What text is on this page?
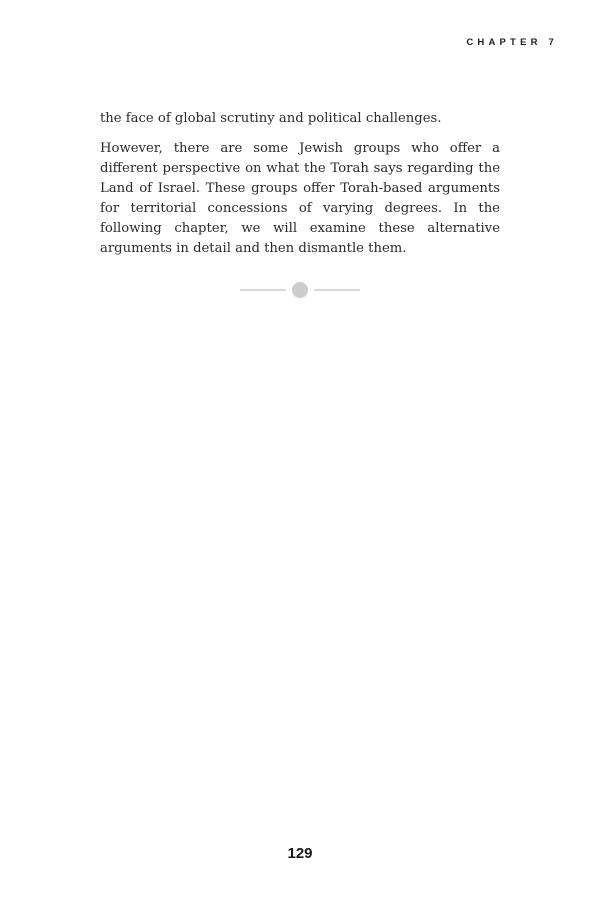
CHAPTER 7

the face of global scrutiny and political challenges.

However, there are some Jewish groups who offer a different perspective on what the Torah says regarding the Land of Israel. These groups offer Torah-based arguments for territorial concessions of varying degrees. In the following chapter, we will examine these alternative arguments in detail and then dismantle them.

129
